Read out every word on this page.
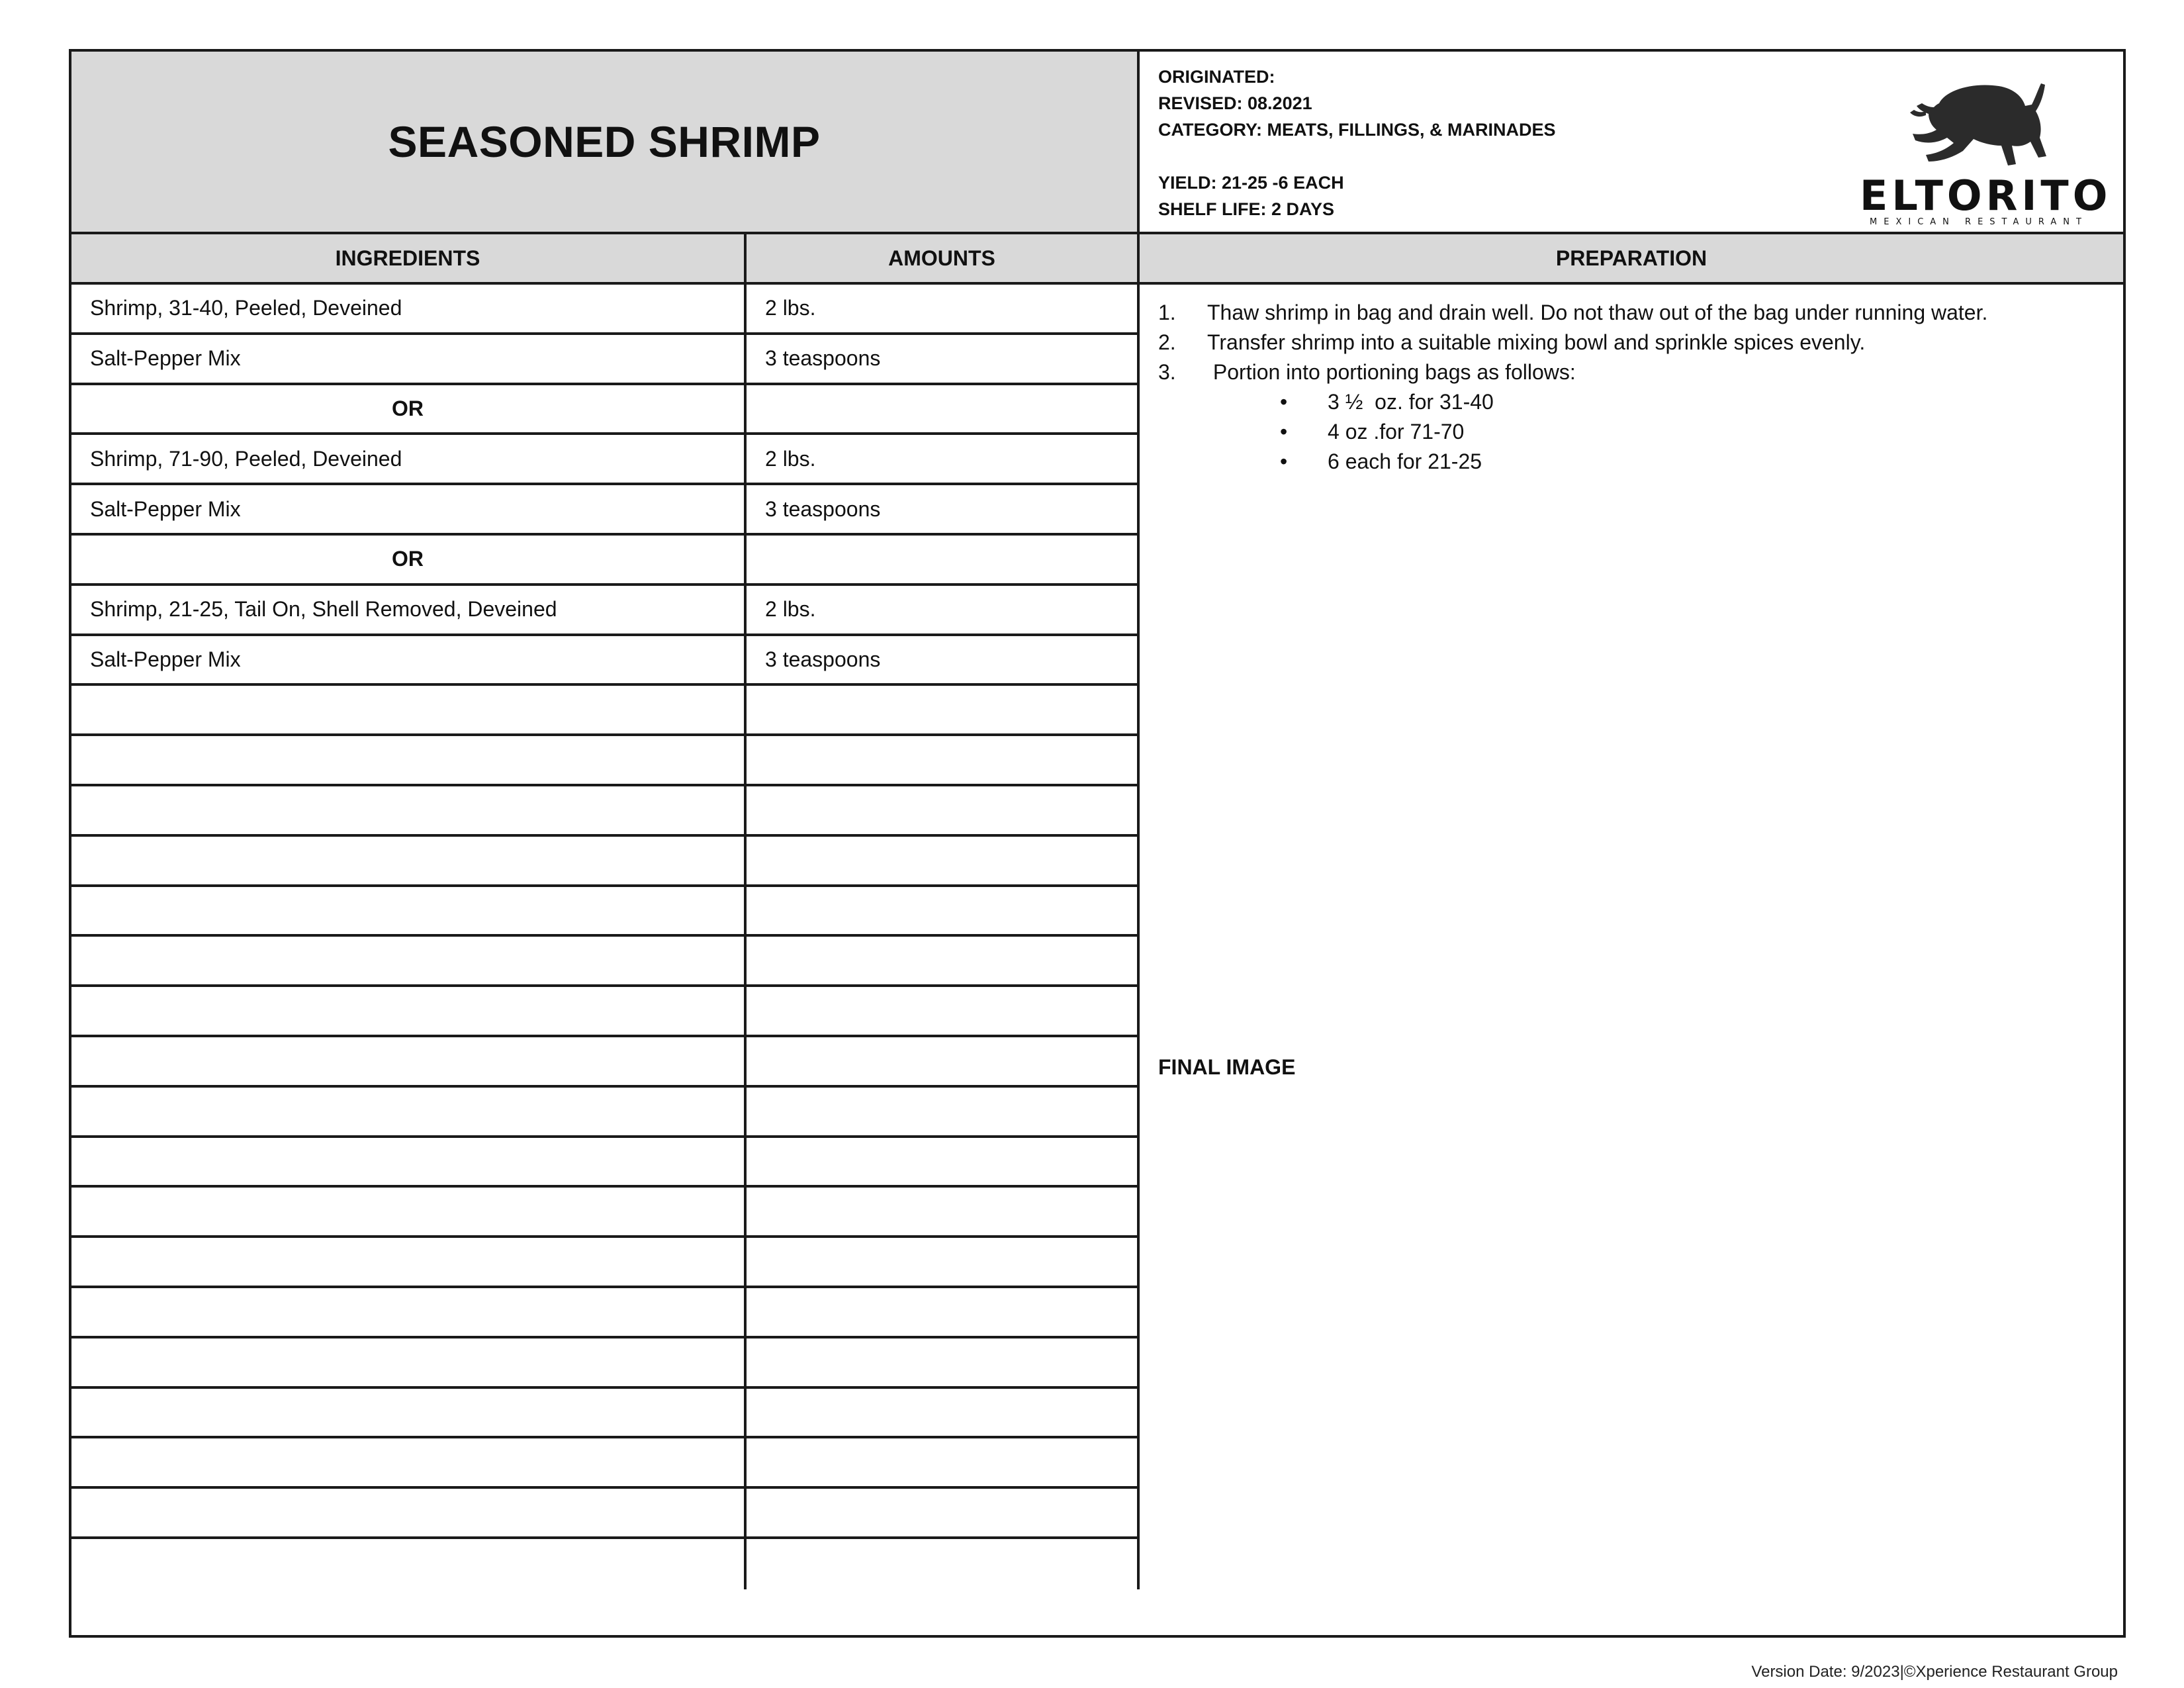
SEASONED SHRIMP
ORIGINATED:
REVISED: 08.2021
CATEGORY: MEATS, FILLINGS, & MARINADES
YIELD: 21-25 -6 EACH
SHELF LIFE: 2 DAYS	ELTORITO
MEXICAN RESTAURANT
INGREDIENTS	AMOUNTS	PREPARATION
Shrimp, 31-40, Peeled, Deveined	2 lbs.
Salt-Pepper Mix	3 teaspoons
OR
Shrimp, 71-90, Peeled, Deveined	2 lbs.
Salt-Pepper Mix	3 teaspoons
OR
Shrimp, 21-25, Tail On, Shell Removed, Deveined	2 lbs.
Salt-Pepper Mix	3 teaspoons
1.	Thaw shrimp in bag and drain well. Do not thaw out of the bag under running water.
2.	Transfer shrimp into a suitable mixing bowl and sprinkle spices evenly.
3.	Portion into portioning bags as follows:
•	3 ½  oz. for 31-40
•	4 oz .for 71-70
•	6 each for 21-25
FINAL IMAGE
Version Date: 9/2023|©Xperience Restaurant Group
